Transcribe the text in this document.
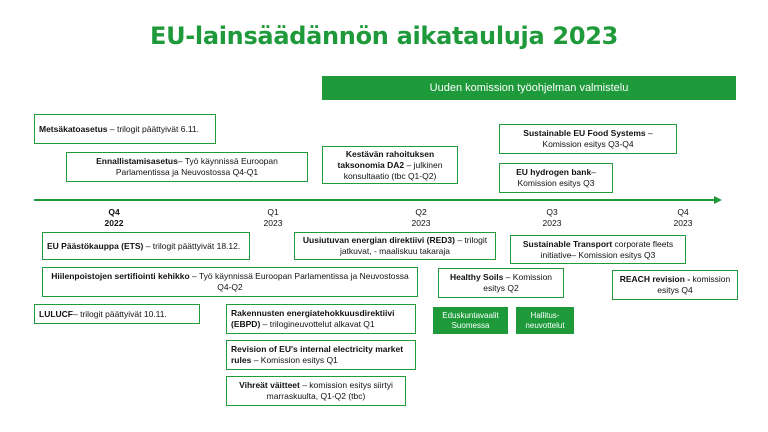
EU-lainsäädännön aikatauluja 2023
Uuden komission työohjelman valmistelu
Metsäkatoasetus – trilogit päättyivät 6.11.
Ennallistamisasetus– Työ käynnissä Euroopan Parlamentissa ja Neuvostossa Q4-Q1
Kestävän rahoituksen taksonomia DA2 – julkinen konsultaatio (tbc Q1-Q2)
Sustainable EU Food Systems – Komission esitys Q3-Q4
EU hydrogen bank– Komission esitys Q3
Q4
2022
Q1
2023
Q2
2023
Q3
2023
Q4
2023
EU Päästökauppa (ETS) – trilogit päättyivät 18.12.
Hiilenpoistojen sertifiointi kehikko – Työ käynnissä Euroopan Parlamentissa ja Neuvostossa Q4-Q2
LULUCF– trilogit päättyivät 10.11.
Uusiutuvan energian direktiivi (RED3) – trilogit jatkuvat, - maaliskuu takaraja
Rakennusten energiatehokkuusdirektiivi (EBPD) – trilogineuvottelut alkavat Q1
Revision of EU's internal electricity market rules – Komission esitys Q1
Vihreät väitteet – komission esitys siirtyi marraskuulta, Q1-Q2 (tbc)
Healthy Soils – Komission esitys Q2
Sustainable Transport corporate fleets initiative– Komission esitys Q3
REACH revision - komission esitys Q4
Eduskuntavaalit Suomessa
Hallitus-neuvottelut
